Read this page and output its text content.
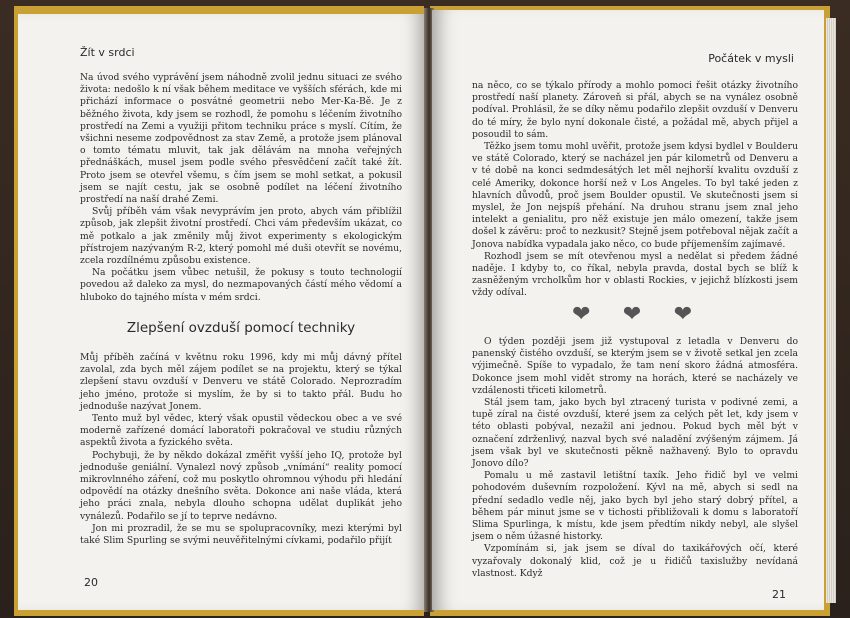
Žít v srdci

Na úvod svého vyprávění jsem náhodně zvolil jednu situaci ze svého života: nedošlo k ní však během meditace ve vyšších sférách, kde mi přichází informace o posvátné geometrii nebo Mer-Ka-Bě. Je z běžného života, kdy jsem se rozhodl, že pomohu s léčením životního prostředí na Zemi a využiji přitom techniku práce s myslí. Cítím, že všichni neseme zodpovědnost za stav Země, a protože jsem plánoval o tomto tématu mluvit, tak jak dělávám na mnoha veřejných přednáškách, musel jsem podle svého přesvědčení začít také žít. Proto jsem se otevřel všemu, s čím jsem se mohl setkat, a pokusil jsem se najít cestu, jak se osobně podílet na léčení životního prostředí na naší drahé Zemi.

Svůj příběh vám však nevyprávím jen proto, abych vám přiblížil způsob, jak zlepšit životní prostředí. Chci vám především ukázat, co mě potkalo a jak změnily můj život experimenty s ekologickým přístrojem nazývaným R-2, který pomohl mé duši otevřít se novému, zcela rozdílnému způsobu existence.

Na počátku jsem vůbec netušil, že pokusy s touto technologií povedou až daleko za mysl, do nezmapovaných částí mého vědomí a hluboko do tajného místa v mém srdci.

Zlepšení ovzduší pomocí techniky

Můj příběh začíná v květnu roku 1996, kdy mi můj dávný přítel zavolal, zda bych měl zájem podílet se na projektu, který se týkal zlepšení stavu ovzduší v Denveru ve státě Colorado. Neprozradím jeho jméno, protože si myslím, že by si to takto přál. Budu ho jednoduše nazývat Jonem.

Tento muž byl vědec, který však opustil vědeckou obec a ve své moderně zařízené domácí laboratoři pokračoval ve studiu různých aspektů života a fyzického světa.

Pochybuji, že by někdo dokázal změřit vyšší jeho IQ, protože byl jednoduše geniální. Vynalezl nový způsob „vnímání“ reality pomocí mikrovlnného záření, což mu poskytlo ohromnou výhodu při hledání odpovědí na otázky dnešního světa. Dokonce ani naše vláda, která jeho práci znala, nebyla dlouho schopna udělat duplikát jeho vynálezů. Podařilo se jí to teprve nedávno.

Jon mi prozradil, že se mu se spolupracovníky, mezi kterými byl také Slim Spurling se svými neuvěřitelnými cívkami, podařilo přijít

20
Počátek v mysli

na něco, co se týkalo přírody a mohlo pomoci řešit otázky životního prostředí naší planety. Zároveň si přál, abych se na vynález osobně podíval. Prohlásil, že se díky němu podařilo zlepšit ovzduší v Denveru do té míry, že bylo nyní dokonale čisté, a požádal mě, abych přijel a posoudil to sám.

Těžko jsem tomu mohl uvěřit, protože jsem kdysi bydlel v Boulderu ve státě Colorado, který se nacházel jen pár kilometrů od Denveru a v té době na konci sedmdesátých let měl nejhorší kvalitu ovzduší z celé Ameriky, dokonce horší než v Los Angeles. To byl také jeden z hlavních důvodů, proč jsem Boulder opustil. Ve skutečnosti jsem si myslel, že Jon nejspíš přehání. Na druhou stranu jsem znal jeho intelekt a genialitu, pro něž existuje jen málo omezení, takže jsem došel k závěru: proč to nezkusit? Stejně jsem potřeboval nějak začít a Jonova nabídka vypadala jako něco, co bude příjemenším zajímavé.

Rozhodl jsem se mít otevřenou mysl a nedělat si předem žádné naděje. I kdyby to, co říkal, nebyla pravda, dostal bych se blíž k zasněženým vrcholkům hor v oblasti Rockies, v jejichž blízkosti jsem vždy odíval.

❤ ❤ ❤

O týden později jsem již vystupoval z letadla v Denveru do panenský čistého ovzduší, se kterým jsem se v životě setkal jen zcela výjimečně. Spíše to vypadalo, že tam není skoro žádná atmosféra. Dokonce jsem mohl vidět stromy na horách, které se nacházely ve vzdálenosti třiceti kilometrů.

Stál jsem tam, jako bych byl ztracený turista v podivné zemi, a tupě zíral na čisté ovzduší, které jsem za celých pět let, kdy jsem v této oblasti pobýval, nezažil ani jednou. Pokud bych měl být v označení zdrženlivý, nazval bych své naladění zvýšeným zájmem. Já jsem však byl ve skutečnosti pěkně nažhavený. Bylo to opravdu Jonovo dílo?

Pomalu u mě zastavil letištní taxík. Jeho řidič byl ve velmi pohodovém duševním rozpoložení. Kývl na mě, abych si sedl na přední sedadlo vedle něj, jako bych byl jeho starý dobrý přítel, a během pár minut jsme se v tichosti přibližovali k domu s laboratoří Slima Spurlinga, k místu, kde jsem předtím nikdy nebyl, ale slyšel jsem o něm úžasné historky.

Vzpomínám si, jak jsem se díval do taxikářových očí, které vyzařovaly dokonalý klid, což je u řidičů taxislužby nevídaná vlastnost. Když

21
